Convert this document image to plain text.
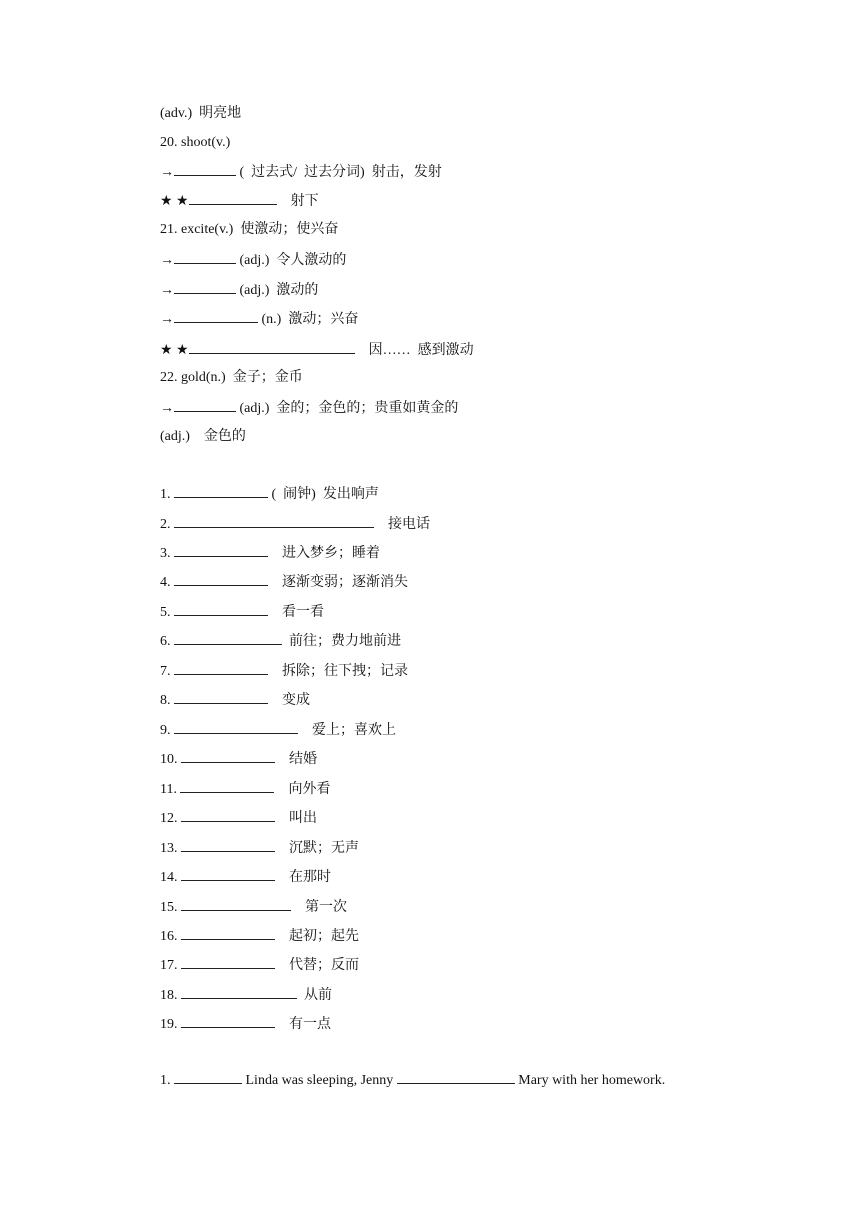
(adv.)  明亮地
20. shoot(v.)
→	(  过去式/  过去分词)  射击，发射
★ ★	射下
21. excite(v.)  使激动；使兴奋
→	(adj.)  令人激动的
→	(adj.)  激动的
→	(n.)  激动；兴奋
★ ★	因……  感到激动
22. gold(n.)  金子；金币
→	(adj.)  金的；金色的；贵重如黄金的
(adj.)    金色的
1.	(  闹钟)  发出响声
2.	接电话
3.	进入梦乡；睡着
4.	逐渐变弱；逐渐消失
5.	看一看
6.	前往；费力地前进
7.	拆除；往下拽；记录
8.	变成
9.	爱上；喜欢上
10.	结婚
11.	向外看
12.	叫出
13.	沉默；无声
14.	在那时
15.	第一次
16.	起初；起先
17.	代替；反而
18.	从前
19.	有一点
1.	Linda was sleeping, Jenny	Mary with her homework.
